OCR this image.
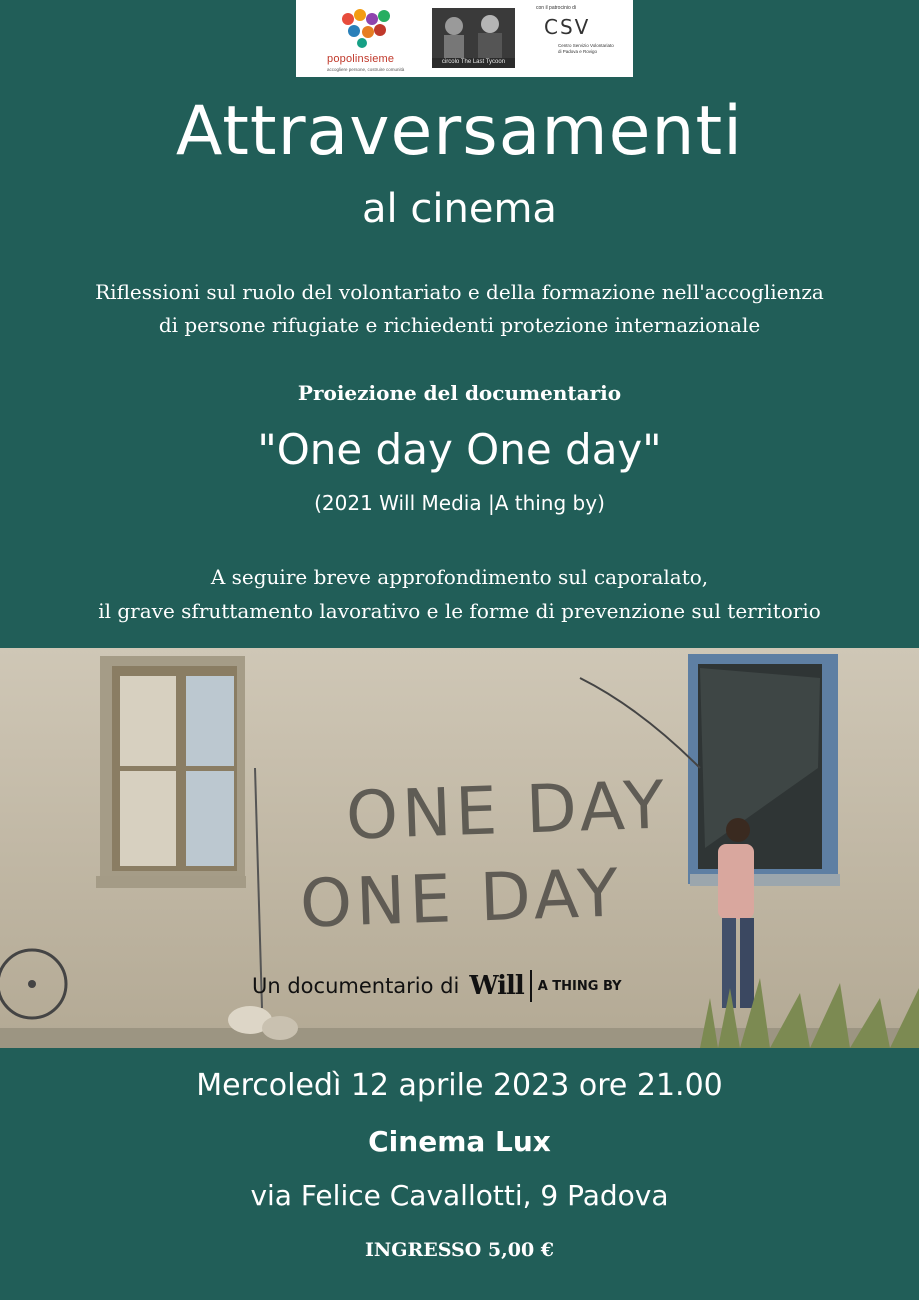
popolinsieme
accogliere persone, costruire comunità
circolo The Last Tycoon
con il patrocinio di
CSV
Centro Servizio Volontariato di Padova e Rovigo
Attraversamenti
al cinema
Riflessioni sul ruolo del volontariato e della formazione nell'accoglienza
di persone rifugiate e richiedenti protezione internazionale
Proiezione del documentario
"One day One day"
(2021 Will Media |A thing by)
A seguire breve approfondimento sul caporalato,
il grave sfruttamento lavorativo e le forme di prevenzione sul territorio
ONE DAY
ONE DAY
Un documentario di Will A THING BY
Mercoledì 12 aprile 2023 ore 21.00
Cinema Lux
via Felice Cavallotti, 9 Padova
INGRESSO 5,00 €
